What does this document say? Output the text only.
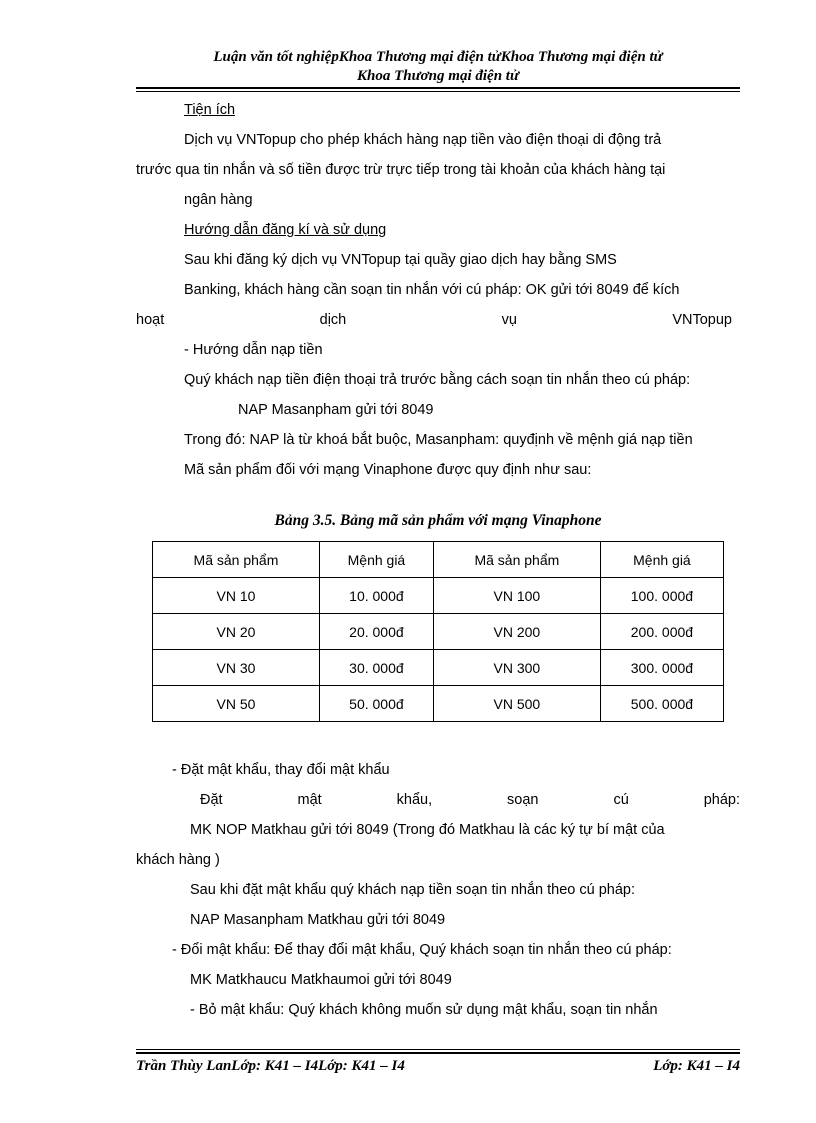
Luận văn tốt nghiệpKhoa Thương mại điện tửKhoa Thương mại điện tử
Khoa Thương mại điện tử
Tiện ích
Dịch vụ VNTopup cho phép khách hàng nạp tiền vào điện thoại di động trả
trước qua tin nhắn và số tiền được trừ trực tiếp trong tài khoản của khách hàng tại
ngân hàng
Hướng dẫn đăng kí và sử dụng
Sau khi đăng ký dịch vụ VNTopup tại quầy giao dịch hay bằng SMS
Banking, khách hàng cần soạn tin nhắn với cú pháp: OK gửi tới 8049 để kích
hoạt	dịch	vụ	VNTopup
- Hướng dẫn nạp tiền
Quý khách nạp tiền điện thoại trả trước bằng cách soạn tin nhắn theo cú pháp:
NAP Masanpham gửi tới 8049
Trong đó: NAP là từ khoá bắt buộc, Masanpham: quyđịnh về mệnh giá nạp tiền
Mã sản phẩm đối với mạng Vinaphone được quy định như sau:
Bảng 3.5. Bảng mã sản phẩm với mạng Vinaphone
Mã sản phẩm	Mệnh giá	Mã sản phẩm	Mệnh giá
VN 10	10. 000đ	VN 100	100. 000đ
VN 20	20. 000đ	VN 200	200. 000đ
VN 30	30. 000đ	VN 300	300. 000đ
VN 50	50. 000đ	VN 500	500. 000đ
- Đặt mật khẩu, thay đổi mật khẩu
Đặt	mật	khẩu,	soạn	cú	pháp:
MK NOP Matkhau gửi tới 8049 (Trong đó Matkhau là các ký tự bí mật của
khách hàng )
Sau khi đặt mật khẩu quý khách nạp tiền soạn tin nhắn theo cú pháp:
NAP Masanpham Matkhau gửi tới 8049
- Đổi mật khẩu: Để thay đổi mật khẩu, Quý khách soạn tin nhắn theo cú pháp:
MK Matkhaucu Matkhaumoi gửi tới 8049
- Bỏ mật khẩu: Quý khách không muốn sử dụng mật khẩu, soạn tin nhắn
Trần Thùy LanLớp: K41 – I4Lớp: K41 – I4	Lớp: K41 – I4
